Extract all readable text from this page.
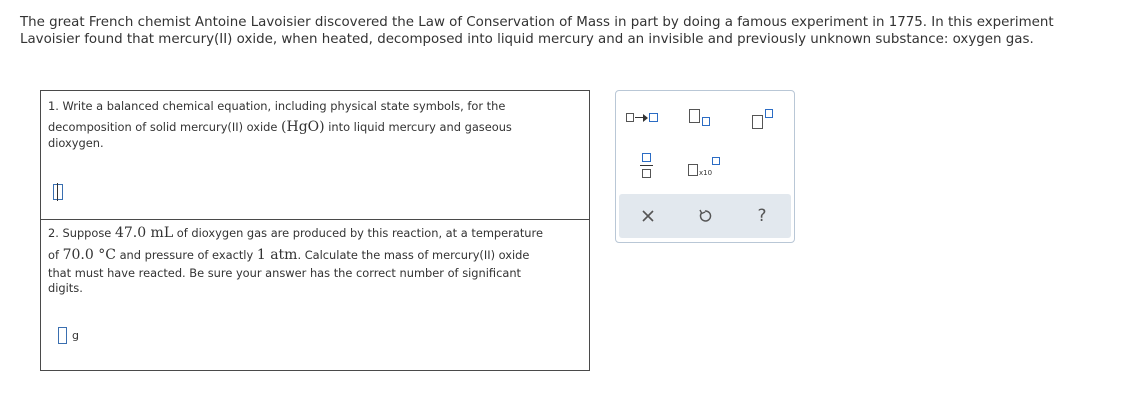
The great French chemist Antoine Lavoisier discovered the Law of Conservation of Mass in part by doing a famous experiment in 1775. In this experiment
Lavoisier found that mercury(II) oxide, when heated, decomposed into liquid mercury and an invisible and previously unknown substance: oxygen gas.
1. Write a balanced chemical equation, including physical state symbols, for the
decomposition of solid mercury(II) oxide (HgO) into liquid mercury and gaseous
dioxygen.
2. Suppose 47.0 mL of dioxygen gas are produced by this reaction, at a temperature
of 70.0 °C and pressure of exactly 1 atm. Calculate the mass of mercury(II) oxide
that must have reacted. Be sure your answer has the correct number of significant
digits.
g
x10
?
